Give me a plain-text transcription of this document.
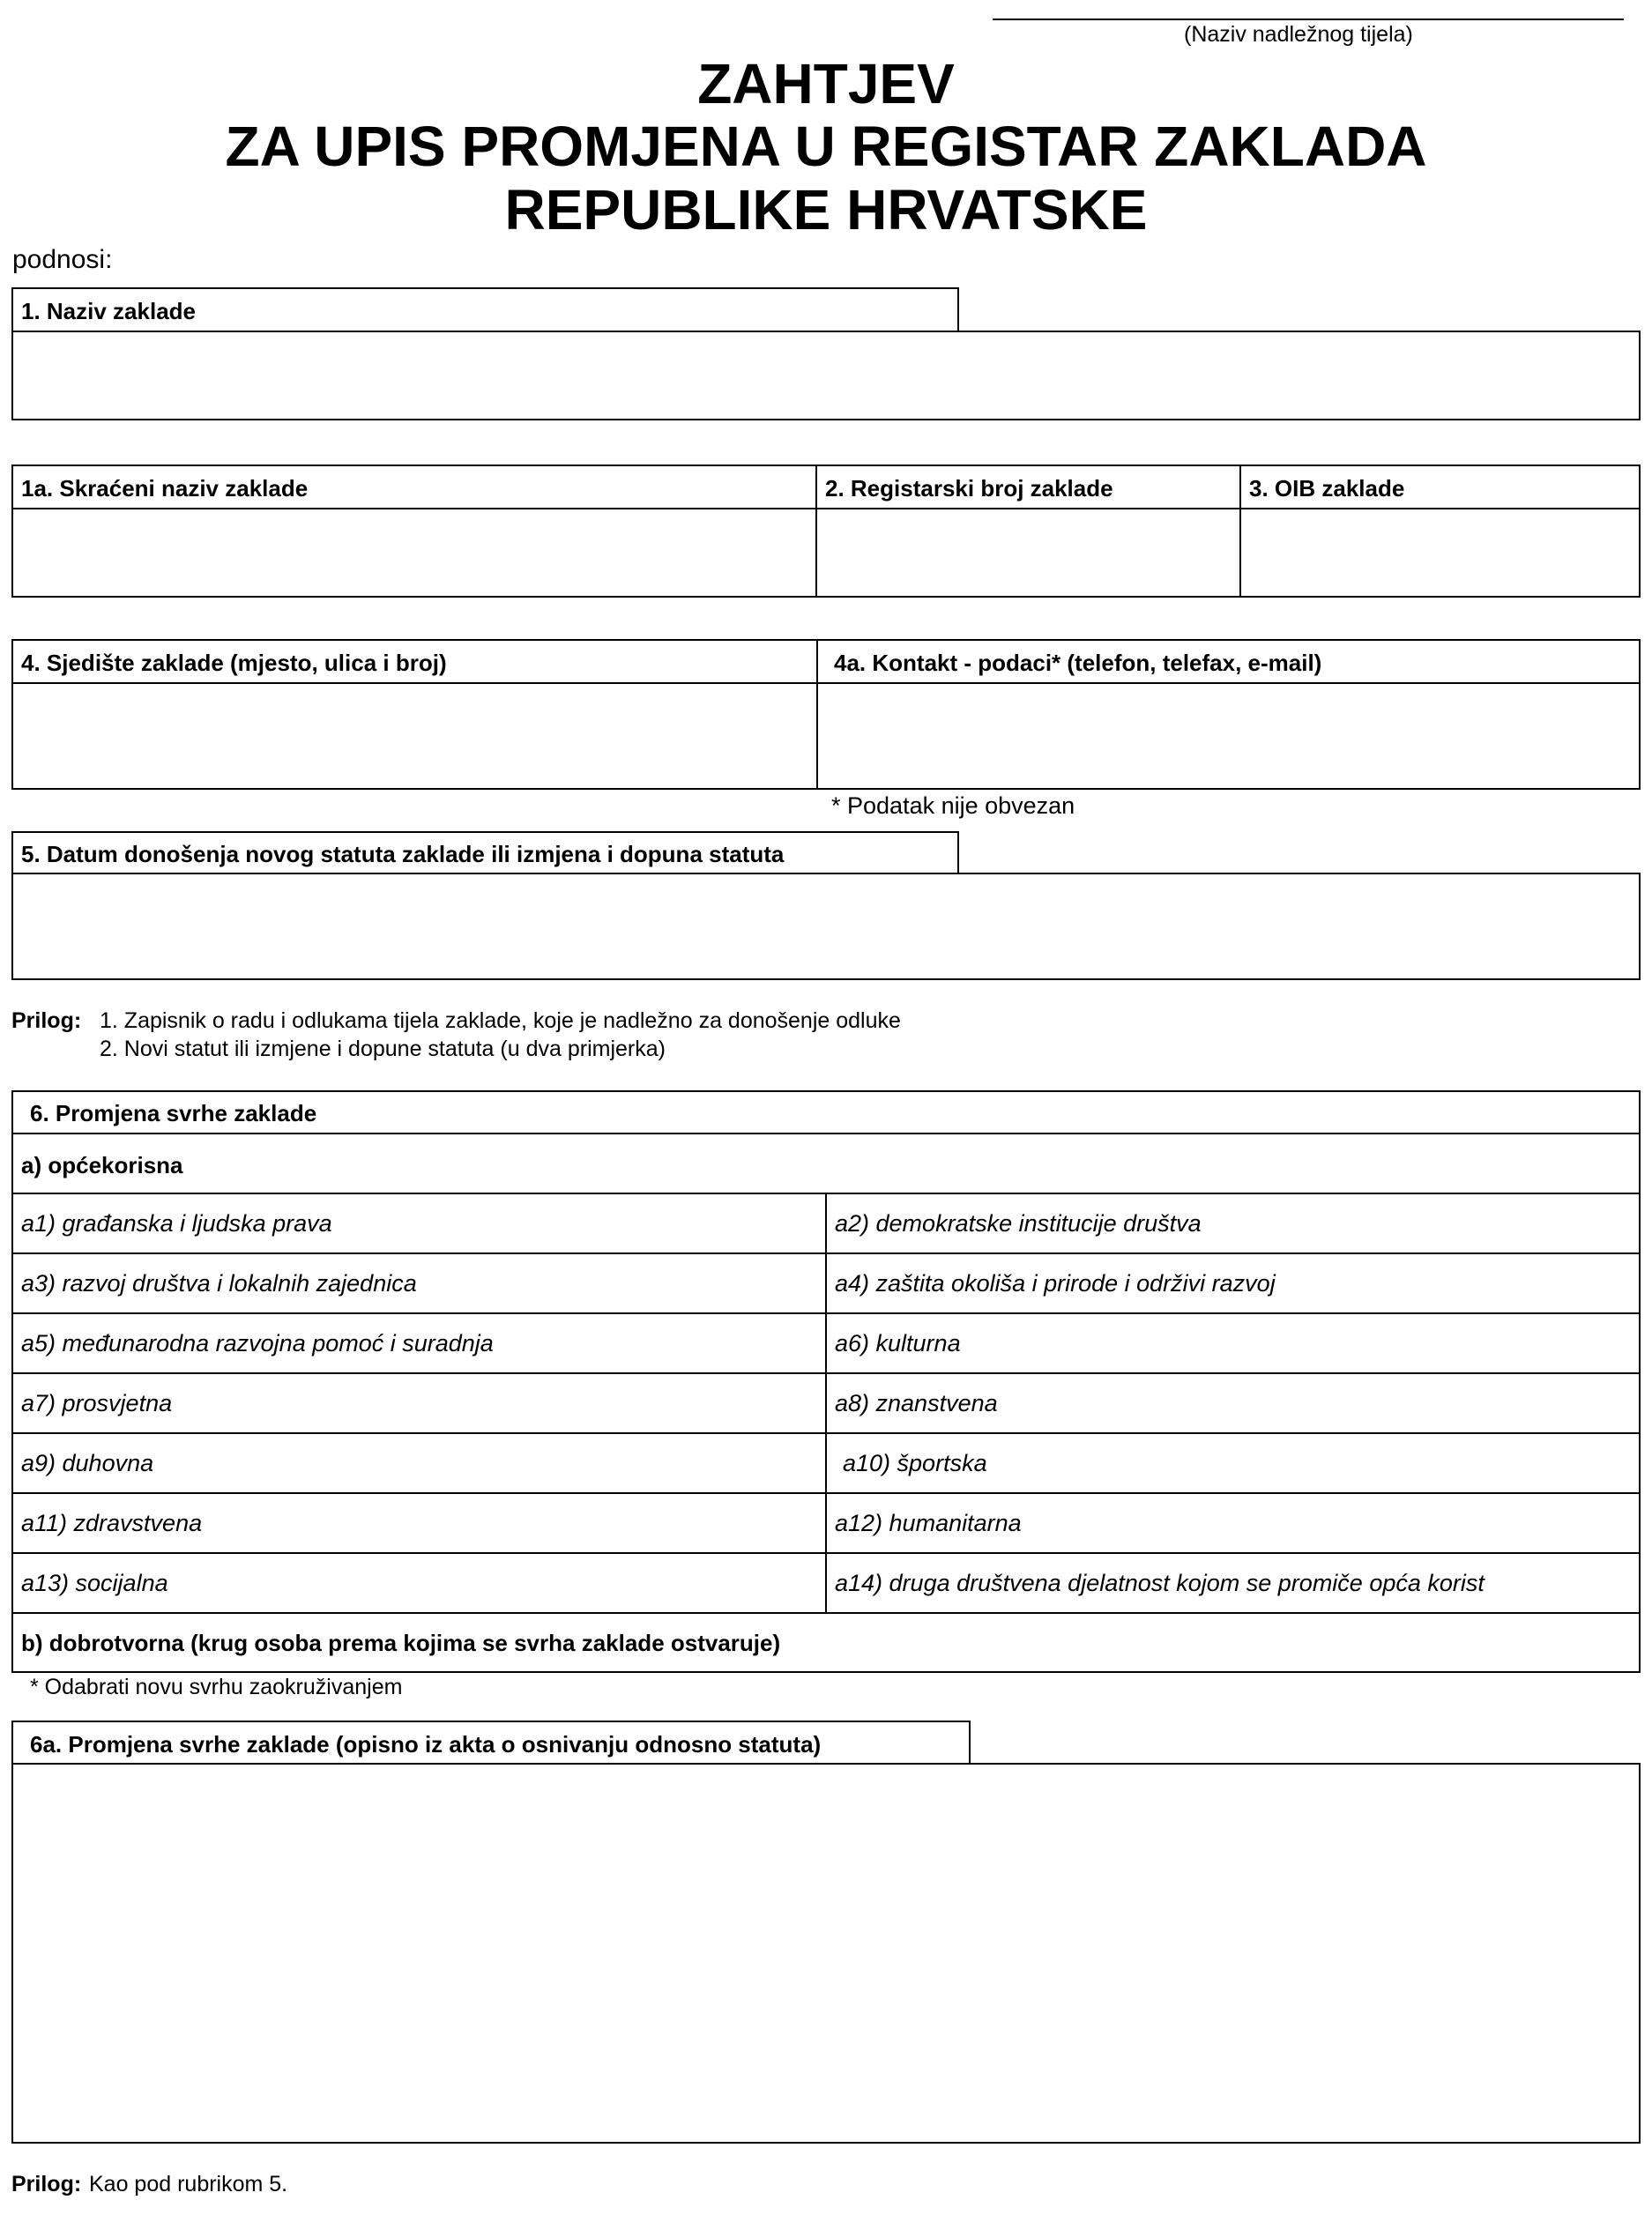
(Naziv nadležnog tijela)
ZAHTJEV
ZA UPIS PROMJENA U REGISTAR ZAKLADA
REPUBLIKE HRVATSKE
podnosi:
1. Naziv zaklade
1a. Skraćeni naziv zaklade	2. Registarski broj zaklade	3. OIB zaklade
4. Sjedište zaklade (mjesto, ulica i broj)	4a. Kontakt - podaci* (telefon, telefax, e-mail)
* Podatak nije obvezan
5. Datum donošenja novog statuta zaklade ili izmjena i dopuna statuta
Prilog: 1. Zapisnik o radu i odlukama tijela zaklade, koje je nadležno za donošenje odluke
2. Novi statut ili izmjene i dopune statuta (u dva primjerka)
6. Promjena svrhe zaklade
a) općekorisna
a1) građanska i ljudska prava	a2) demokratske institucije društva
a3) razvoj društva i lokalnih zajednica	a4) zaštita okoliša i prirode i održivi razvoj
a5) međunarodna razvojna pomoć i suradnja	a6) kulturna
a7) prosvjetna	a8) znanstvena
a9) duhovna	a10) športska
a11) zdravstvena	a12) humanitarna
a13) socijalna	a14) druga društvena djelatnost kojom se promiče opća korist
b) dobrotvorna (krug osoba prema kojima se svrha zaklade ostvaruje)
* Odabrati novu svrhu zaokruživanjem
6a. Promjena svrhe zaklade (opisno iz akta o osnivanju odnosno statuta)
Prilog: Kao pod rubrikom 5.
